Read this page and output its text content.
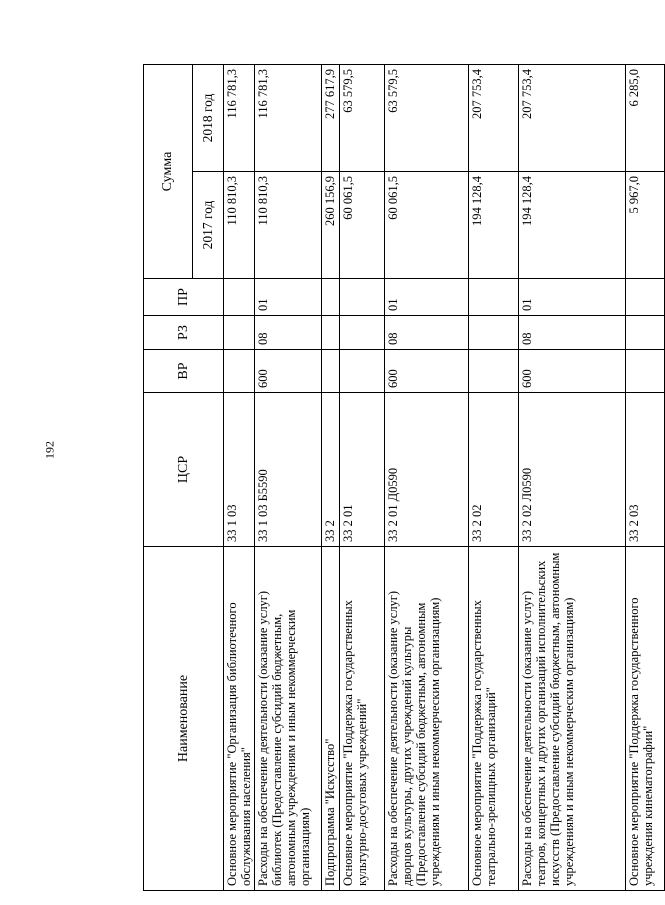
192
Наименование	ЦСР	ВР	РЗ	ПР	Сумма	
					2017 год	2018 год
Основное мероприятие "Организация библиотечного обслуживания населения"	33 1 03				110 810,3	116 781,3
Расходы на обеспечение деятельности (оказание услуг) библиотек (Предоставление субсидий бюджетным, автономным учреждениям и иным некоммерческим организациям)	33 1 03 Б5590	600	08	01	110 810,3	116 781,3
Подпрограмма "Искусство"	33 2				260 156,9	277 617,9
Основное мероприятие "Поддержка государственных культурно-досуговых учреждений"	33 2 01				60 061,5	63 579,5
Расходы на обеспечение деятельности (оказание услуг) дворцов культуры, других учреждений культуры (Предоставление субсидий бюджетным, автономным учреждениям и иным некоммерческим организациям)	33 2 01 Д0590	600	08	01	60 061,5	63 579,5
Основное мероприятие "Поддержка государственных театрально-зрелищных организаций"	33 2 02				194 128,4	207 753,4
Расходы на обеспечение деятельности (оказание услуг) театров, концертных и других организаций исполнительских искусств (Предоставление субсидий бюджетным, автономным учреждениям и иным некоммерческим организациям)	33 2 02 Л0590	600	08	01	194 128,4	207 753,4
Основное мероприятие "Поддержка государственного учреждения кинематографии"	33 2 03				5 967,0	6 285,0
